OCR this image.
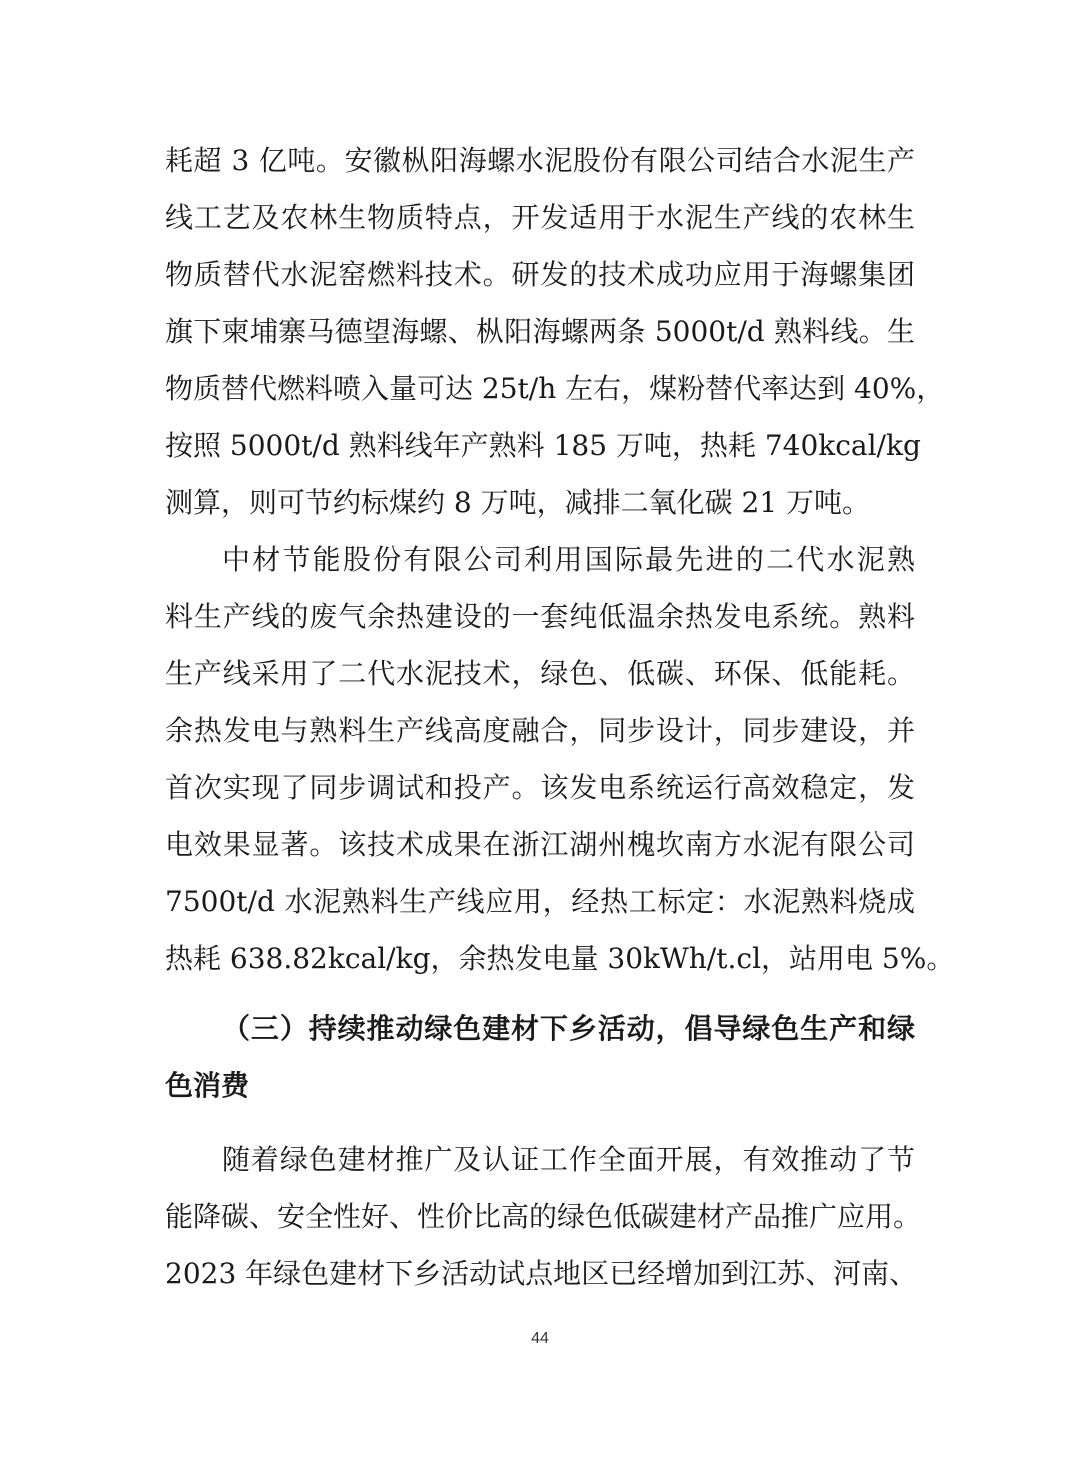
耗超 3 亿吨。安徽枞阳海螺水泥股份有限公司结合水泥生产
线工艺及农林生物质特点，开发适用于水泥生产线的农林生
物质替代水泥窑燃料技术。研发的技术成功应用于海螺集团
旗下柬埔寨马德望海螺、枞阳海螺两条 5000t/d 熟料线。生
物质替代燃料喷入量可达 25t/h 左右，煤粉替代率达到 40%，
按照 5000t/d 熟料线年产熟料 185 万吨，热耗 740kcal/kg
测算，则可节约标煤约 8 万吨，减排二氧化碳 21 万吨。
中材节能股份有限公司利用国际最先进的二代水泥熟
料生产线的废气余热建设的一套纯低温余热发电系统。熟料
生产线采用了二代水泥技术，绿色、低碳、环保、低能耗。
余热发电与熟料生产线高度融合，同步设计，同步建设，并
首次实现了同步调试和投产。该发电系统运行高效稳定，发
电效果显著。该技术成果在浙江湖州槐坎南方水泥有限公司
7500t/d 水泥熟料生产线应用，经热工标定：水泥熟料烧成
热耗 638.82kcal/kg，余热发电量 30kWh/t.cl，站用电 5%。
（三）持续推动绿色建材下乡活动，倡导绿色生产和绿
色消费
随着绿色建材推广及认证工作全面开展，有效推动了节
能降碳、安全性好、性价比高的绿色低碳建材产品推广应用。
2023 年绿色建材下乡活动试点地区已经增加到江苏、河南、
44
